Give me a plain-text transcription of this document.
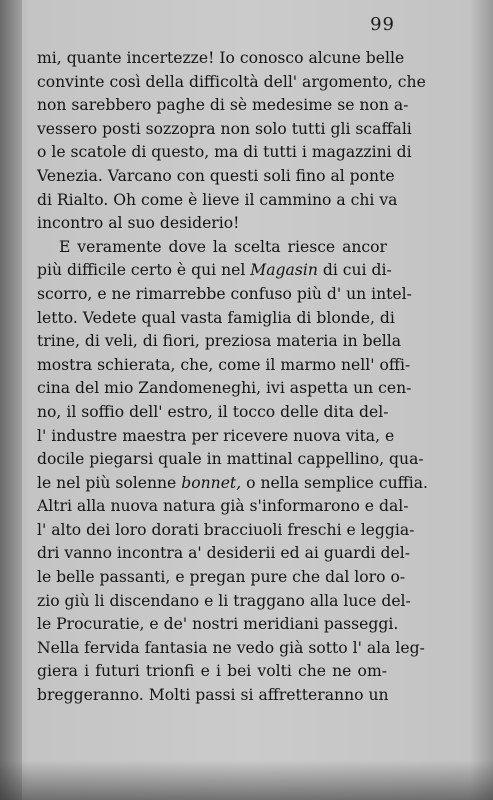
99
mi, quante incertezze! Io conosco alcune belle
convinte così della difficoltà dell' argomento, che
non sarebbero paghe di sè medesime se non a-
vessero posti sozzopra non solo tutti gli scaffali
o le scatole di questo, ma di tutti i magazzini di
Venezia. Varcano con questi soli fino al ponte
di Rialto. Oh come è lieve il cammino a chi va
incontro al suo desiderio!
E veramente dove la scelta riesce ancor
più difficile certo è qui nel Magasin di cui di-
scorro, e ne rimarrebbe confuso più d' un intel-
letto. Vedete qual vasta famiglia di blonde, di
trine, di veli, di fiori, preziosa materia in bella
mostra schierata, che, come il marmo nell' offi-
cina del mio Zandomeneghi, ivi aspetta un cen-
no, il soffio dell' estro, il tocco delle dita del-
l' industre maestra per ricevere nuova vita, e
docile piegarsi quale in mattinal cappellino, qua-
le nel più solenne bonnet, o nella semplice cuffia.
Altri alla nuova natura già s'informarono e dal-
l' alto dei loro dorati bracciuoli freschi e leggia-
dri vanno incontra a' desiderii ed ai guardi del-
le belle passanti, e pregan pure che dal loro o-
zio giù li discendano e li traggano alla luce del-
le Procuratie, e de' nostri meridiani passeggi.
Nella fervida fantasia ne vedo già sotto l' ala leg-
giera i futuri trionfi e i bei volti che ne om-
breggeranno. Molti passi si affretteranno un
